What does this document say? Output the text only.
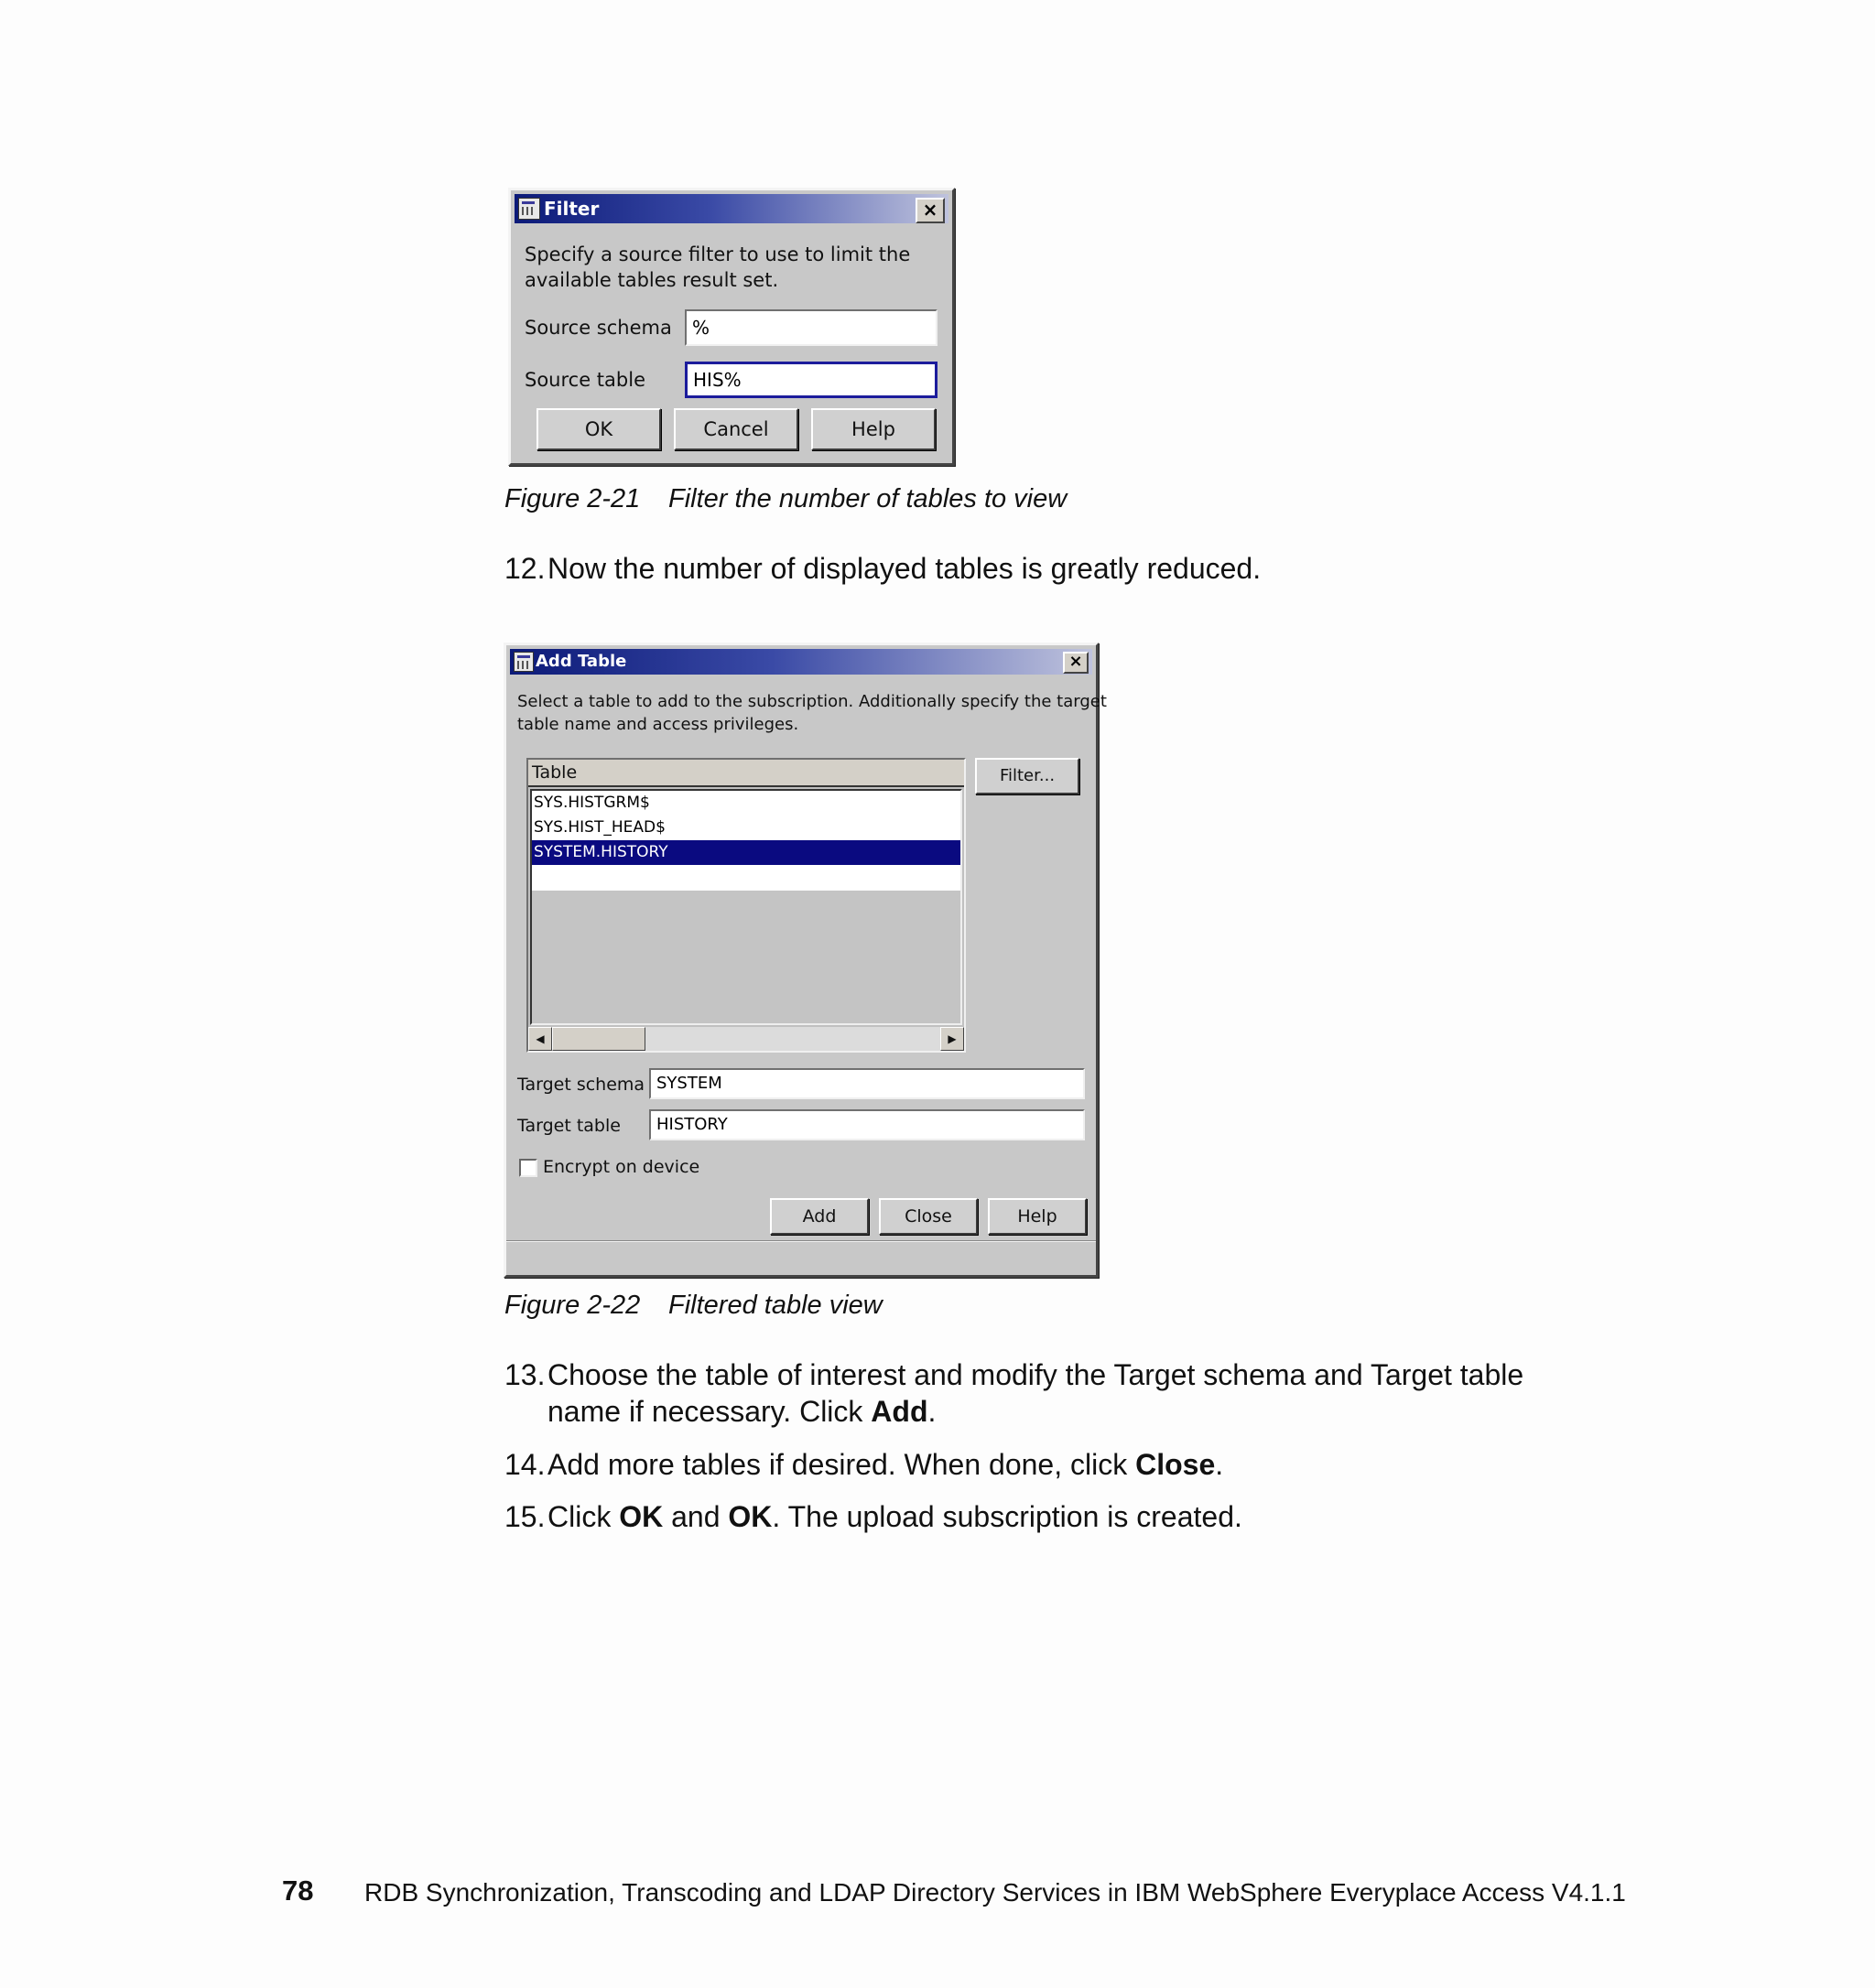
Filter	×
Specify a source filter to use to limit the
available tables result set.
Source schema	%
Source table	HIS%
OK	Cancel	Help
Figure 2-21 Filter the number of tables to view
12. Now the number of displayed tables is greatly reduced.
Add Table	×
Select a table to add to the subscription. Additionally specify the target
table name and access privileges.
Table
SYS.HISTGRM$
SYS.HIST_HEAD$
SYSTEM.HISTORY
◀	▶
Filter...
Target schema SYSTEM
Target table	HISTORY
Encrypt on device
Add	Close	Help
Figure 2-22 Filtered table view
13. Choose the table of interest and modify the Target schema and Target table
name if necessary. Click Add.
14. Add more tables if desired. When done, click Close.
15. Click OK and OK. The upload subscription is created.
78 RDB Synchronization, Transcoding and LDAP Directory Services in IBM WebSphere Everyplace Access V4.1.1
